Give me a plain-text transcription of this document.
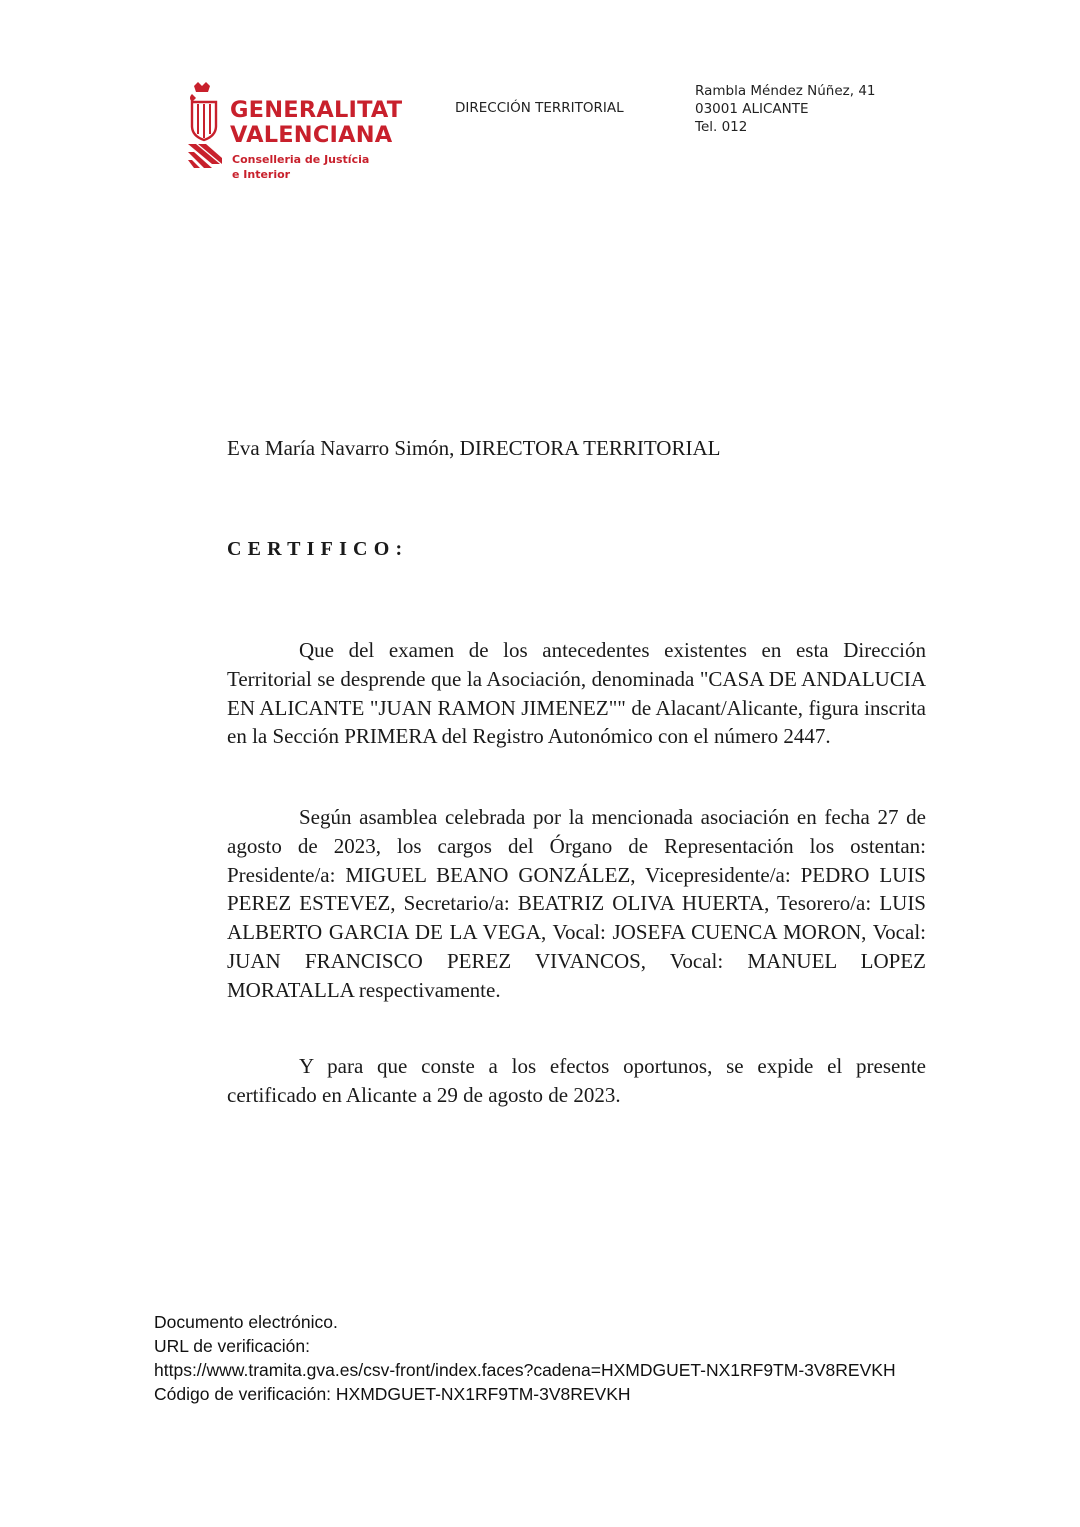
GENERALITAT
VALENCIANA
Conselleria de Justícia
e Interior
DIRECCIÓN TERRITORIAL
Rambla Méndez Núñez, 41
03001 ALICANTE
Tel. 012
Eva María Navarro Simón, DIRECTORA TERRITORIAL
CERTIFICO:

Que del examen de los antecedentes existentes en esta Dirección Territorial se desprende que la Asociación, denominada "CASA DE ANDALUCIA EN ALICANTE "JUAN RAMON JIMENEZ"" de Alacant/Alicante, figura inscrita en la Sección PRIMERA del Registro Autonómico con el número 2447.

Según asamblea celebrada por la mencionada asociación en fecha 27 de agosto de 2023, los cargos del Órgano de Representación los ostentan: Presidente/a: MIGUEL BEANO GONZÁLEZ, Vicepresidente/a: PEDRO LUIS PEREZ ESTEVEZ, Secretario/a: BEATRIZ OLIVA HUERTA, Tesorero/a: LUIS ALBERTO GARCIA DE LA VEGA, Vocal: JOSEFA CUENCA MORON, Vocal: JUAN FRANCISCO PEREZ VIVANCOS, Vocal: MANUEL LOPEZ MORATALLA respectivamente.

Y para que conste a los efectos oportunos, se expide el presente certificado en Alicante a 29 de agosto de 2023.

Documento electrónico.
URL de verificación:
https://www.tramita.gva.es/csv-front/index.faces?cadena=HXMDGUET-NX1RF9TM-3V8REVKH
Código de verificación: HXMDGUET-NX1RF9TM-3V8REVKH
